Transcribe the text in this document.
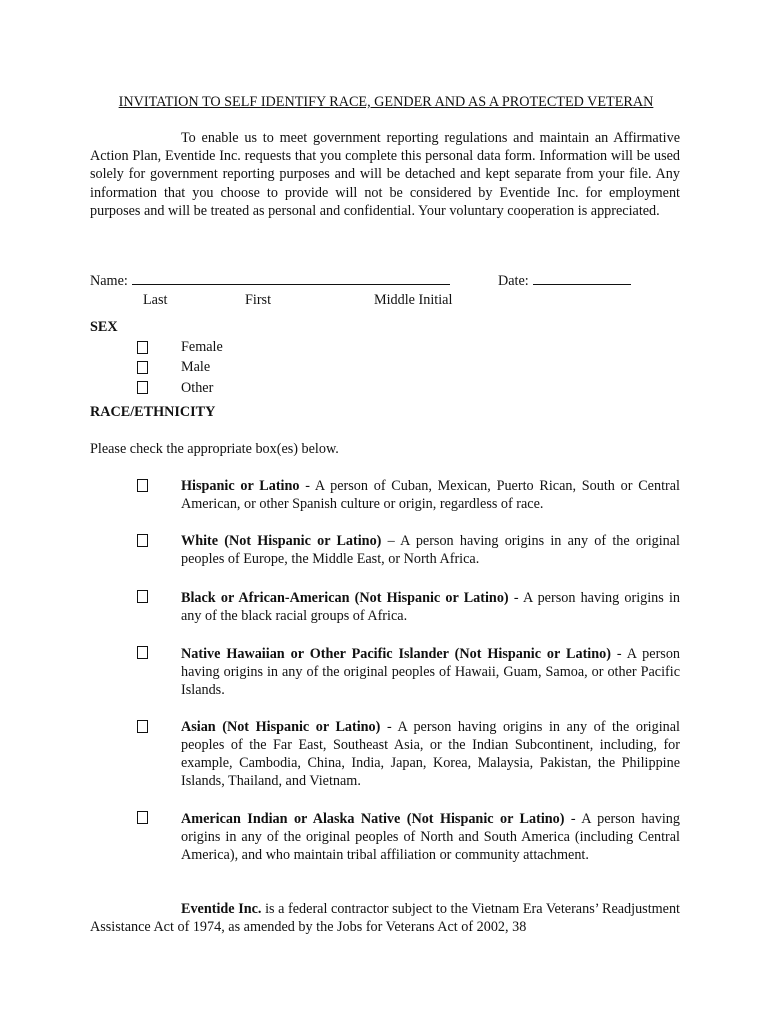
INVITATION TO SELF IDENTIFY RACE, GENDER AND AS A PROTECTED VETERAN
To enable us to meet government reporting regulations and maintain an Affirmative Action Plan, Eventide Inc. requests that you complete this personal data form. Information will be used solely for government reporting purposes and will be detached and kept separate from your file. Any information that you choose to provide will not be considered by Eventide Inc. for employment purposes and will be treated as personal and confidential. Your voluntary cooperation is appreciated.
Name:	Date:
Last	First	Middle Initial
SEX
Female
Male
Other
RACE/ETHNICITY
Please check the appropriate box(es) below.
Hispanic or Latino - A person of Cuban, Mexican, Puerto Rican, South or Central American, or other Spanish culture or origin, regardless of race.
White (Not Hispanic or Latino) – A person having origins in any of the original peoples of Europe, the Middle East, or North Africa.
Black or African-American (Not Hispanic or Latino) - A person having origins in any of the black racial groups of Africa.
Native Hawaiian or Other Pacific Islander (Not Hispanic or Latino) - A person having origins in any of the original peoples of Hawaii, Guam, Samoa, or other Pacific Islands.
Asian (Not Hispanic or Latino) - A person having origins in any of the original peoples of the Far East, Southeast Asia, or the Indian Subcontinent, including, for example, Cambodia, China, India, Japan, Korea, Malaysia, Pakistan, the Philippine Islands, Thailand, and Vietnam.
American Indian or Alaska Native (Not Hispanic or Latino) - A person having origins in any of the original peoples of North and South America (including Central America), and who maintain tribal affiliation or community attachment.
Eventide Inc. is a federal contractor subject to the Vietnam Era Veterans’ Readjustment Assistance Act of 1974, as amended by the Jobs for Veterans Act of 2002, 38
